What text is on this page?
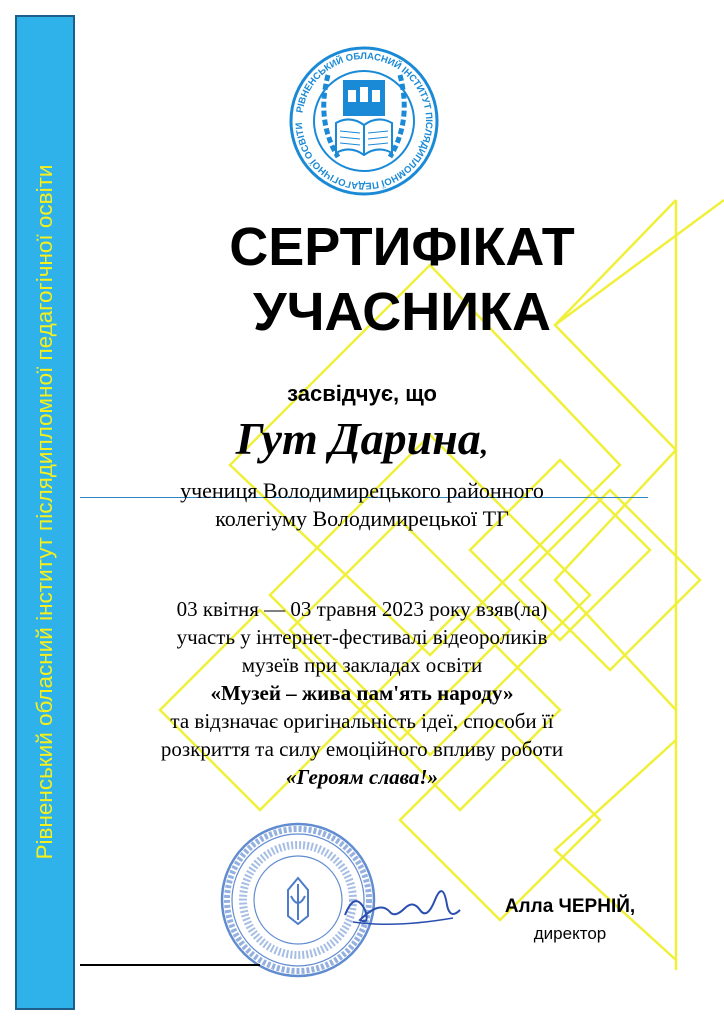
Рівненський обласний інститут післядипломної педагогічної освіти
РІВНЕНСЬКИЙ ОБЛАСНИЙ ІНСТИТУТ ПІСЛЯДИПЛОМНОЇ ПЕДАГОГІЧНОЇ ОСВІТИ
СЕРТИФІКАТ
УЧАСНИКА
засвідчує, що
Гут Дарина,
учениця Володимирецького районного
колегіуму Володимирецької ТГ
03 квітня — 03 травня 2023 року взяв(ла)
участь у інтернет-фестивалі відеороликів
музеїв при закладах освіти
«Музей – жива пам'ять народу»
та відзначає оригінальність ідеї, способи її
розкриття та силу емоційного впливу роботи
«Героям слава!»
Алла ЧЕРНІЙ,
директор
